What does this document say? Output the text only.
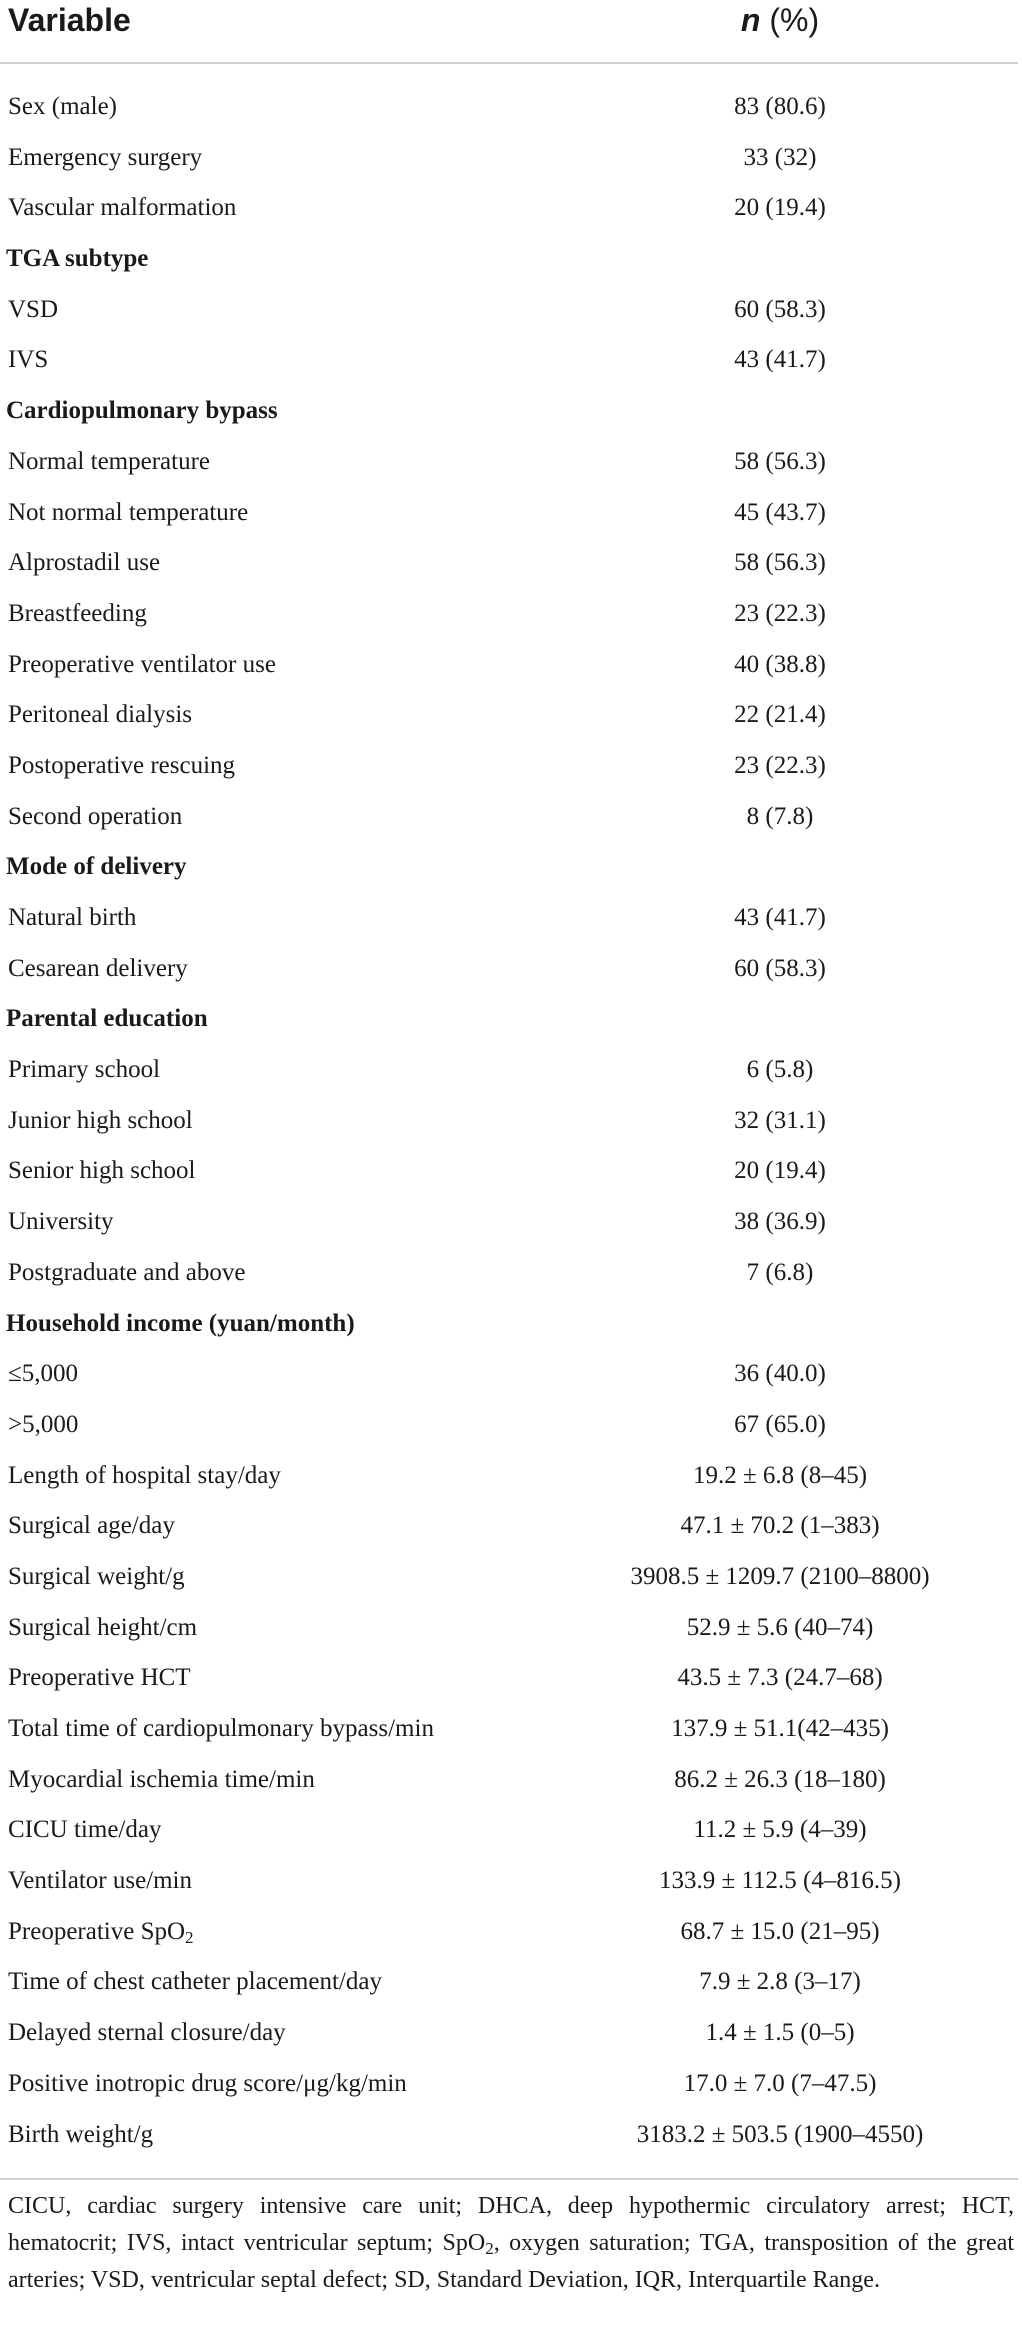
Variable	n (%)
Sex (male)	83 (80.6)
Emergency surgery	33 (32)
Vascular malformation	20 (19.4)
TGA subtype
VSD	60 (58.3)
IVS	43 (41.7)
Cardiopulmonary bypass
Normal temperature	58 (56.3)
Not normal temperature	45 (43.7)
Alprostadil use	58 (56.3)
Breastfeeding	23 (22.3)
Preoperative ventilator use	40 (38.8)
Peritoneal dialysis	22 (21.4)
Postoperative rescuing	23 (22.3)
Second operation	8 (7.8)
Mode of delivery
Natural birth	43 (41.7)
Cesarean delivery	60 (58.3)
Parental education
Primary school	6 (5.8)
Junior high school	32 (31.1)
Senior high school	20 (19.4)
University	38 (36.9)
Postgraduate and above	7 (6.8)
Household income (yuan/month)
≤5,000	36 (40.0)
>5,000	67 (65.0)
Length of hospital stay/day	19.2 ± 6.8 (8–45)
Surgical age/day	47.1 ± 70.2 (1–383)
Surgical weight/g	3908.5 ± 1209.7 (2100–8800)
Surgical height/cm	52.9 ± 5.6 (40–74)
Preoperative HCT	43.5 ± 7.3 (24.7–68)
Total time of cardiopulmonary bypass/min	137.9 ± 51.1(42–435)
Myocardial ischemia time/min	86.2 ± 26.3 (18–180)
CICU time/day	11.2 ± 5.9 (4–39)
Ventilator use/min	133.9 ± 112.5 (4–816.5)
Preoperative SpO$_2$	68.7 ± 15.0 (21–95)
Time of chest catheter placement/day	7.9 ± 2.8 (3–17)
Delayed sternal closure/day	1.4 ± 1.5 (0–5)
Positive inotropic drug score/μg/kg/min	17.0 ± 7.0 (7–47.5)
Birth weight/g	3183.2 ± 503.5 (1900–4550)
CICU, cardiac surgery intensive care unit; DHCA, deep hypothermic circulatory arrest; HCT, hematocrit; IVS, intact ventricular septum; SpO$_2$, oxygen saturation; TGA, transposition of the great arteries; VSD, ventricular septal defect; SD, Standard Deviation, IQR, Interquartile Range.
